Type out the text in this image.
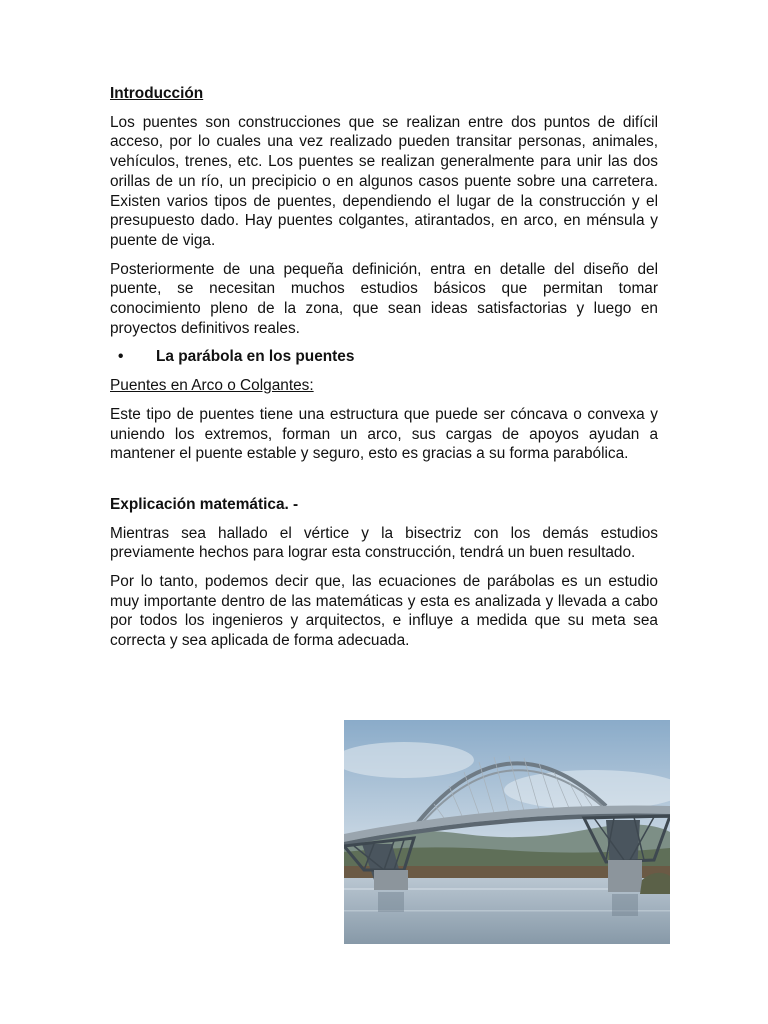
Introducción

Los puentes son construcciones que se realizan entre dos puntos de difícil acceso, por lo cuales una vez realizado pueden transitar personas, animales, vehículos, trenes, etc. Los puentes se realizan generalmente para unir las dos orillas de un río, un precipicio o en algunos casos puente sobre una carretera. Existen varios tipos de puentes, dependiendo el lugar de la construcción y el presupuesto dado. Hay puentes colgantes, atirantados, en arco, en ménsula y puente de viga.

Posteriormente de una pequeña definición, entra en detalle del diseño del puente, se necesitan muchos estudios básicos que permitan tomar conocimiento pleno de la zona, que sean ideas satisfactorias y luego en proyectos definitivos reales.

•	La parábola en los puentes

Puentes en Arco o Colgantes:

Este tipo de puentes tiene una estructura que puede ser cóncava o convexa y uniendo los extremos, forman un arco, sus cargas de apoyos ayudan a mantener el puente estable y seguro, esto es gracias a su forma parabólica.

Explicación matemática. -

Mientras sea hallado el vértice y la bisectriz con los demás estudios previamente hechos para lograr esta construcción, tendrá un buen resultado.

Por lo tanto, podemos decir que, las ecuaciones de parábolas es un estudio muy importante dentro de las matemáticas y esta es analizada y llevada a cabo por todos los ingenieros y arquitectos, e influye a medida que su meta sea correcta y sea aplicada de forma adecuada.
